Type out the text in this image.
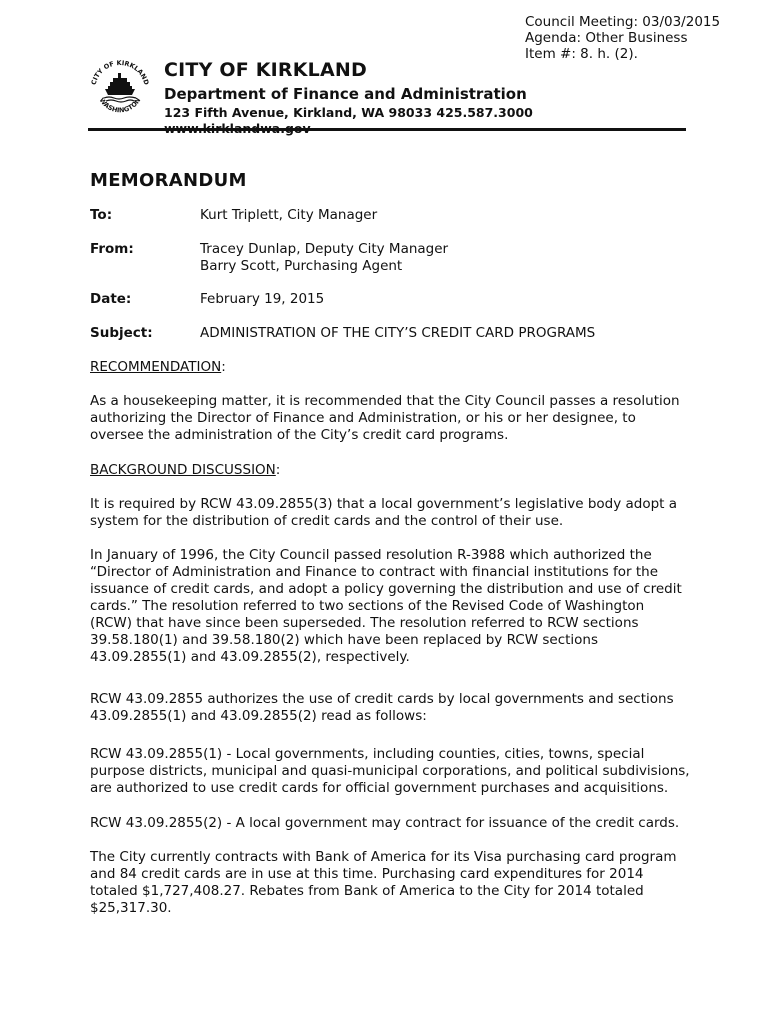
Council Meeting: 03/03/2015
Agenda: Other Business
Item #: 8. h. (2).
CITY OF KIRKLAND
WASHINGTON
CITY OF KIRKLAND
Department of Finance and Administration
123 Fifth Avenue, Kirkland, WA 98033 425.587.3000
MEMORANDUM
To:	Kurt Triplett, City Manager
From:	Tracey Dunlap, Deputy City Manager
Barry Scott, Purchasing Agent
Date:	February 19, 2015
Subject:	ADMINISTRATION OF THE CITY’S CREDIT CARD PROGRAMS
RECOMMENDATION:

As a housekeeping matter, it is recommended that the City Council passes a resolution authorizing the Director of Finance and Administration, or his or her designee, to oversee the administration of the City’s credit card programs.

BACKGROUND DISCUSSION:

It is required by RCW 43.09.2855(3) that a local government’s legislative body adopt a system for the distribution of credit cards and the control of their use.

In January of 1996, the City Council passed resolution R-3988 which authorized the “Director of Administration and Finance to contract with financial institutions for the issuance of credit cards, and adopt a policy governing the distribution and use of credit cards.” The resolution referred to two sections of the Revised Code of Washington (RCW) that have since been superseded. The resolution referred to RCW sections 39.58.180(1) and 39.58.180(2) which have been replaced by RCW sections 43.09.2855(1) and 43.09.2855(2), respectively.

RCW 43.09.2855 authorizes the use of credit cards by local governments and sections 43.09.2855(1) and 43.09.2855(2) read as follows:

RCW 43.09.2855(1) - Local governments, including counties, cities, towns, special purpose districts, municipal and quasi-municipal corporations, and political subdivisions, are authorized to use credit cards for official government purchases and acquisitions.

RCW 43.09.2855(2) - A local government may contract for issuance of the credit cards.

The City currently contracts with Bank of America for its Visa purchasing card program and 84 credit cards are in use at this time. Purchasing card expenditures for 2014 totaled $1,727,408.27. Rebates from Bank of America to the City for 2014 totaled $25,317.30.
